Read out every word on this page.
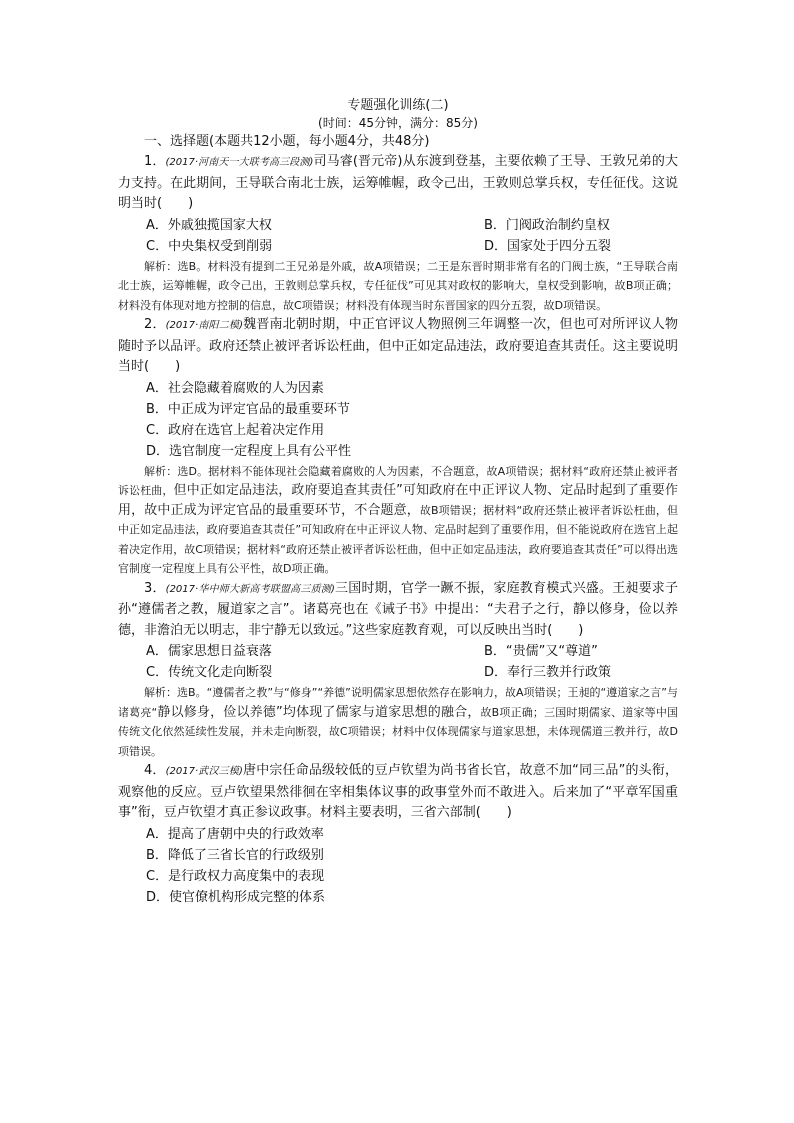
专题强化训练(二)

(时间：45分钟，满分：85分)

一、选择题(本题共12小题，每小题4分，共48分)

1．(2017·河南天一大联考高三段测)司马睿(晋元帝)从东渡到登基，主要依赖了王导、王敦兄弟的大力支持。在此期间，王导联合南北士族，运筹帷幄，政令己出，王敦则总掌兵权，专任征伐。这说明当时(　　)

A．外戚独揽国家大权	B．门阀政治制约皇权
C．中央集权受到削弱	D．国家处于四分五裂

解析：选B。材料没有提到二王兄弟是外戚，故A项错误；二王是东晋时期非常有名的门阀士族，“王导联合南北士族，运筹帷幄，政令己出，王敦则总掌兵权，专任征伐”可见其对政权的影响大，皇权受到影响，故B项正确；材料没有体现对地方控制的信息，故C项错误；材料没有体现当时东晋国家的四分五裂，故D项错误。

2．(2017·南阳二模)魏晋南北朝时期，中正官评议人物照例三年调整一次，但也可对所评议人物随时予以品评。政府还禁止被评者诉讼枉曲，但中正如定品违法，政府要追查其责任。这主要说明当时(　　)

A．社会隐藏着腐败的人为因素

B．中正成为评定官品的最重要环节

C．政府在选官上起着决定作用

D．选官制度一定程度上具有公平性

解析：选D。据材料不能体现社会隐藏着腐败的人为因素，不合题意，故A项错误；据材料“政府还禁止被评者诉讼枉曲，但中正如定品违法，政府要追查其责任”可知政府在中正评议人物、定品时起到了重要作用，故中正成为评定官品的最重要环节，不合题意，故B项错误；据材料“政府还禁止被评者诉讼枉曲，但中正如定品违法，政府要追查其责任”可知政府在中正评议人物、定品时起到了重要作用，但不能说政府在选官上起着决定作用，故C项错误；据材料“政府还禁止被评者诉讼枉曲，但中正如定品违法，政府要追查其责任”可以得出选官制度一定程度上具有公平性，故D项正确。

3．(2017·华中师大新高考联盟高三质测)三国时期，官学一蹶不振，家庭教育模式兴盛。王昶要求子孙“遵儒者之教，履道家之言”。诸葛亮也在《诫子书》中提出：“夫君子之行，静以修身，俭以养德，非澹泊无以明志，非宁静无以致远。”这些家庭教育观，可以反映出当时(　　)

A．儒家思想日益衰落	B．“贵儒”又“尊道”
C．传统文化走向断裂	D．奉行三教并行政策

解析：选B。“遵儒者之教”与“修身”“养德”说明儒家思想依然存在影响力，故A项错误；王昶的“遵道家之言”与诸葛亮“静以修身，俭以养德”均体现了儒家与道家思想的融合，故B项正确；三国时期儒家、道家等中国传统文化依然延续性发展，并未走向断裂，故C项错误；材料中仅体现儒家与道家思想，未体现儒道三教并行，故D项错误。

4．(2017·武汉三模)唐中宗任命品级较低的豆卢钦望为尚书省长官，故意不加“同三品”的头衔，观察他的反应。豆卢钦望果然徘徊在宰相集体议事的政事堂外而不敢进入。后来加了“平章军国重事”衔，豆卢钦望才真正参议政事。材料主要表明，三省六部制(　　)

A．提高了唐朝中央的行政效率

B．降低了三省长官的行政级别

C．是行政权力高度集中的表现

D．使官僚机构形成完整的体系
